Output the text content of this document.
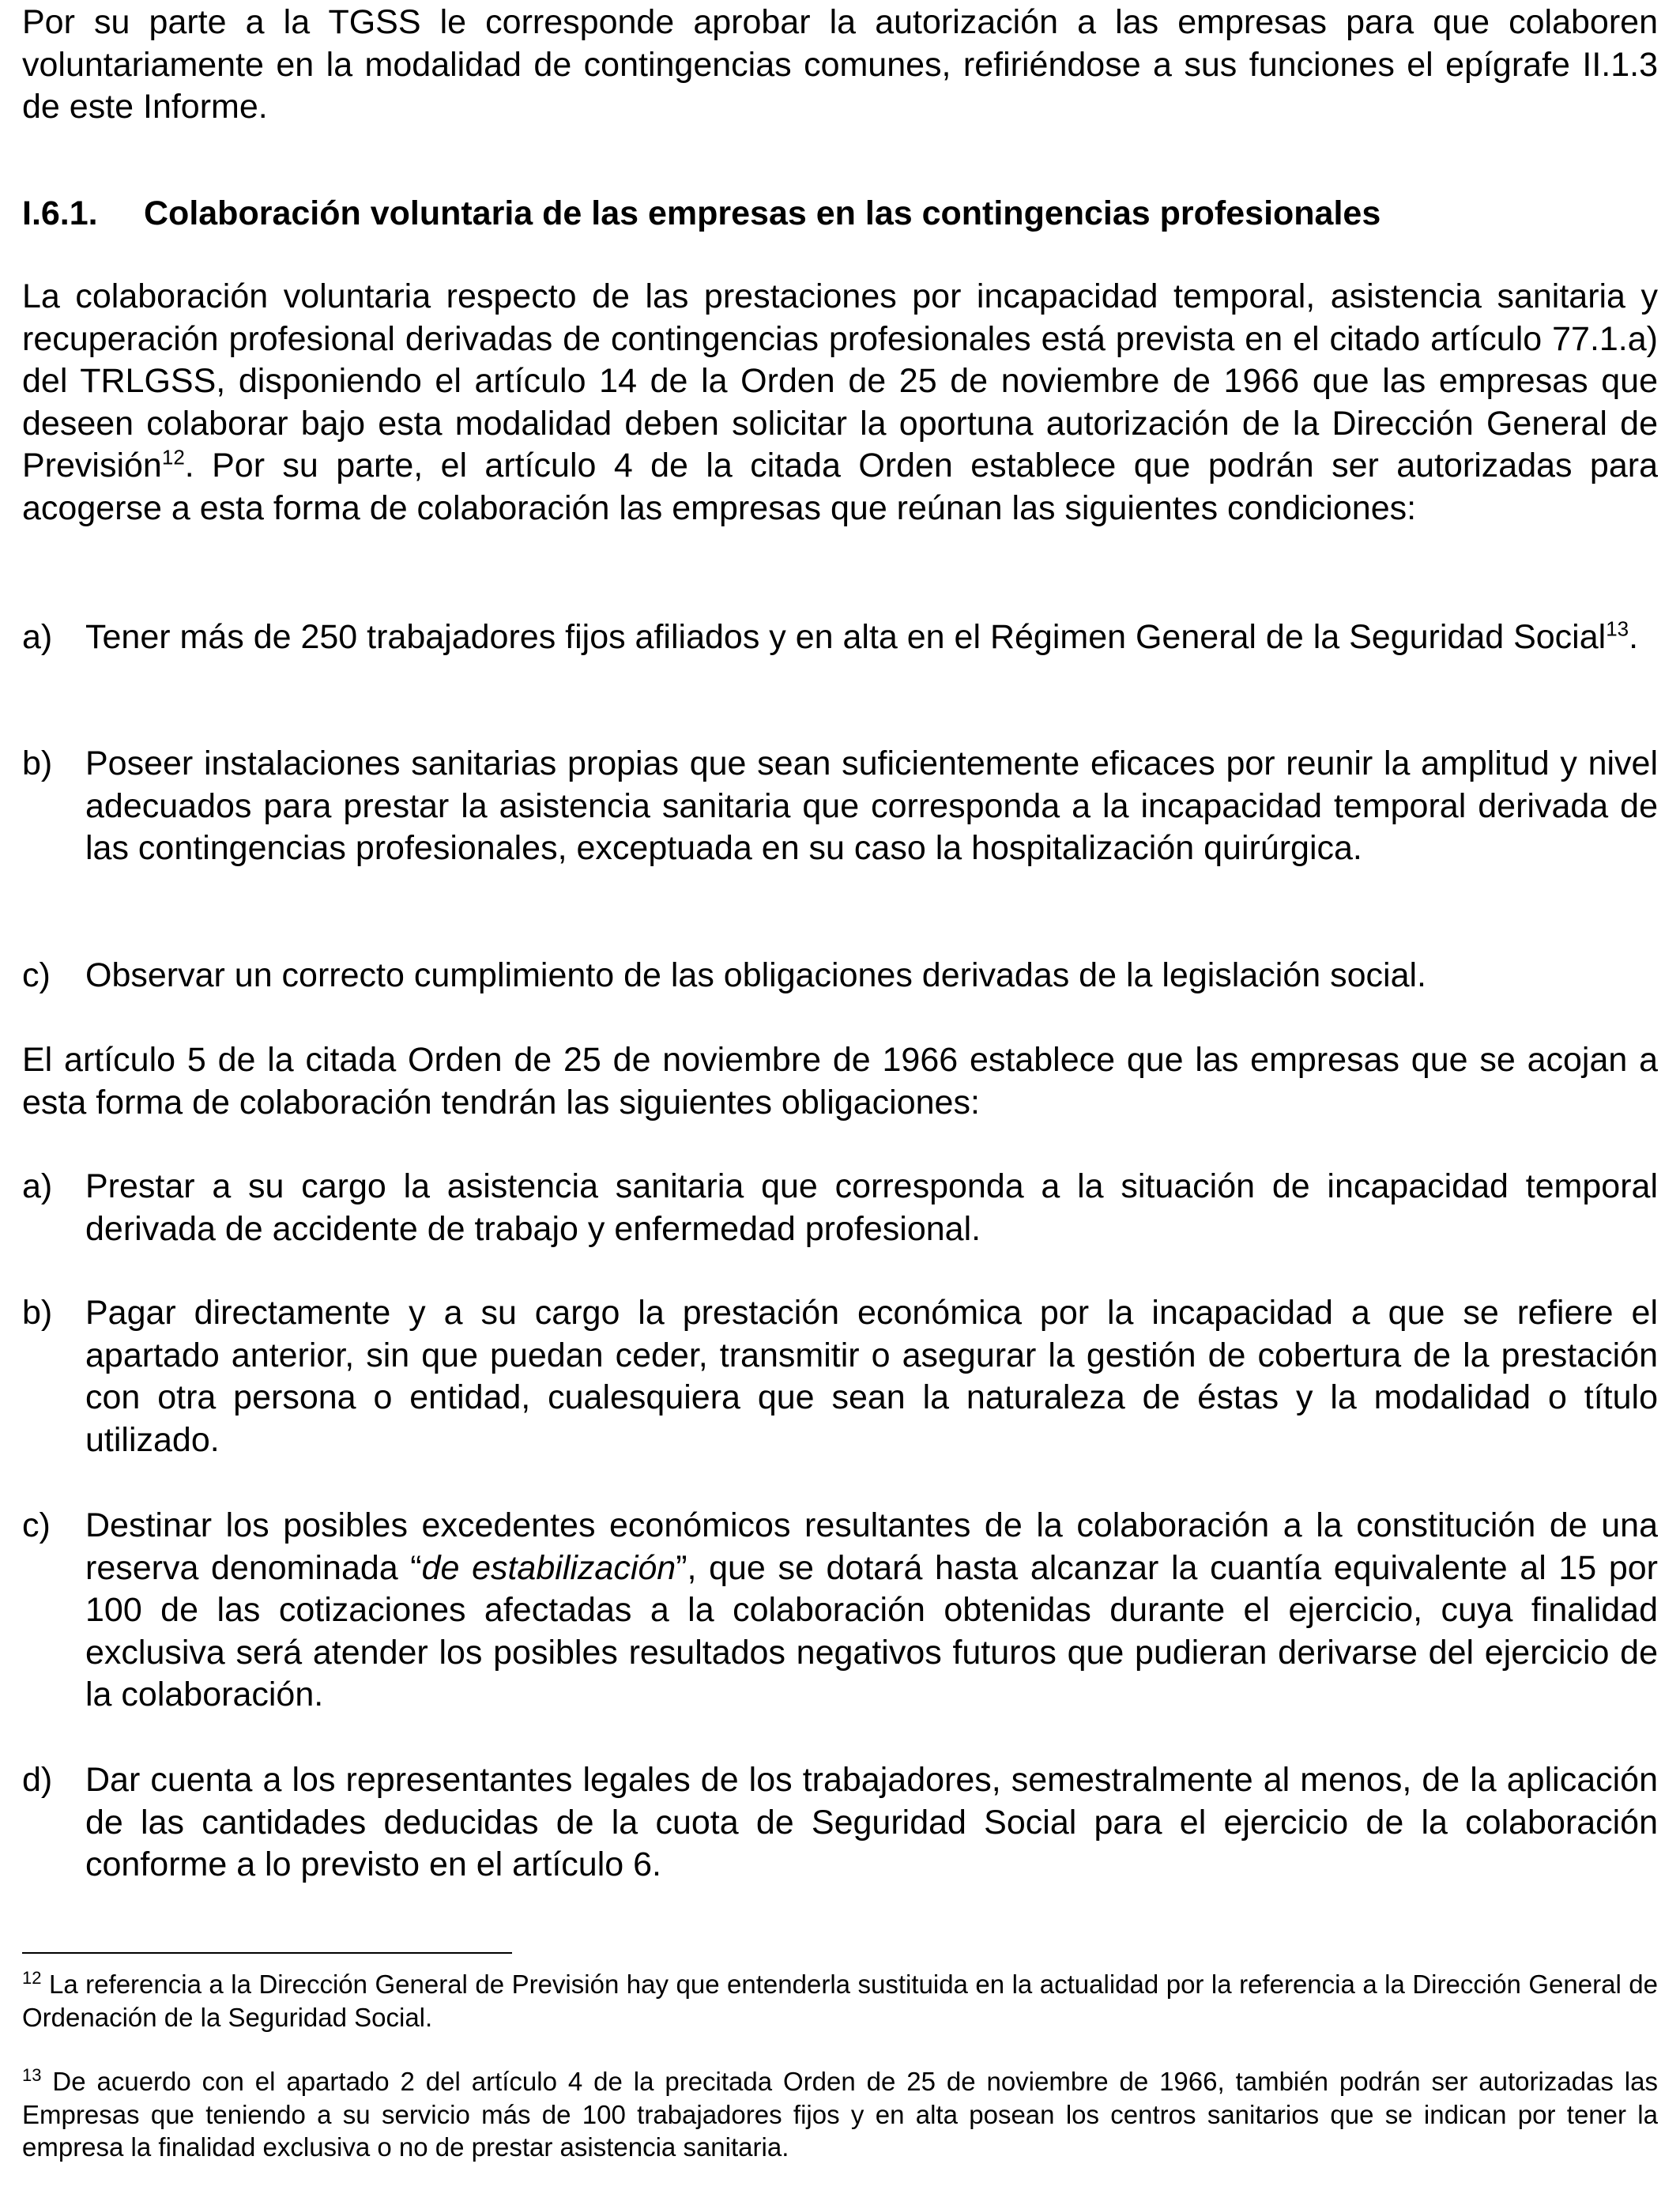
Por su parte a la TGSS le corresponde aprobar la autorización a las empresas para que colaboren voluntariamente en la modalidad de contingencias comunes, refiriéndose a sus funciones el epígrafe II.1.3 de este Informe.

I.6.1.	Colaboración voluntaria de las empresas en las contingencias profesionales

La colaboración voluntaria respecto de las prestaciones por incapacidad temporal, asistencia sanitaria y recuperación profesional derivadas de contingencias profesionales está prevista en el citado artículo 77.1.a) del TRLGSS, disponiendo el artículo 14 de la Orden de 25 de noviembre de 1966 que las empresas que deseen colaborar bajo esta modalidad deben solicitar la oportuna autorización de la Dirección General de Previsión$^{12}$. Por su parte, el artículo 4 de la citada Orden establece que podrán ser autorizadas para acogerse a esta forma de colaboración las empresas que reúnan las siguientes condiciones:

a) Tener más de 250 trabajadores fijos afiliados y en alta en el Régimen General de la Seguridad Social$^{13}$.
b) Poseer instalaciones sanitarias propias que sean suficientemente eficaces por reunir la amplitud y nivel adecuados para prestar la asistencia sanitaria que corresponda a la incapacidad temporal derivada de las contingencias profesionales, exceptuada en su caso la hospitalización quirúrgica.
c)	Observar un correcto cumplimiento de las obligaciones derivadas de la legislación social.

El artículo 5 de la citada Orden de 25 de noviembre de 1966 establece que las empresas que se acojan a esta forma de colaboración tendrán las siguientes obligaciones:

a) Prestar a su cargo la asistencia sanitaria que corresponda a la situación de incapacidad temporal derivada de accidente de trabajo y enfermedad profesional.
b) Pagar directamente y a su cargo la prestación económica por la incapacidad a que se refiere el apartado anterior, sin que puedan ceder, transmitir o asegurar la gestión de cobertura de la prestación con otra persona o entidad, cualesquiera que sean la naturaleza de éstas y la modalidad o título utilizado.
c)	Destinar los posibles excedentes económicos resultantes de la colaboración a la constitución de una reserva denominada “de estabilización”, que se dotará hasta alcanzar la cuantía equivalente al 15 por 100 de las cotizaciones afectadas a la colaboración obtenidas durante el ejercicio, cuya finalidad exclusiva será atender los posibles resultados negativos futuros que pudieran derivarse del ejercicio de la colaboración.
d) Dar cuenta a los representantes legales de los trabajadores, semestralmente al menos, de la aplicación de las cantidades deducidas de la cuota de Seguridad Social para el ejercicio de la colaboración conforme a lo previsto en el artículo 6.

$^{12}$ La referencia a la Dirección General de Previsión hay que entenderla sustituida en la actualidad por la referencia a la Dirección General de Ordenación de la Seguridad Social.

$^{13}$ De acuerdo con el apartado 2 del artículo 4 de la precitada Orden de 25 de noviembre de 1966, también podrán ser autorizadas las Empresas que teniendo a su servicio más de 100 trabajadores fijos y en alta posean los centros sanitarios que se indican por tener la empresa la finalidad exclusiva o no de prestar asistencia sanitaria.
